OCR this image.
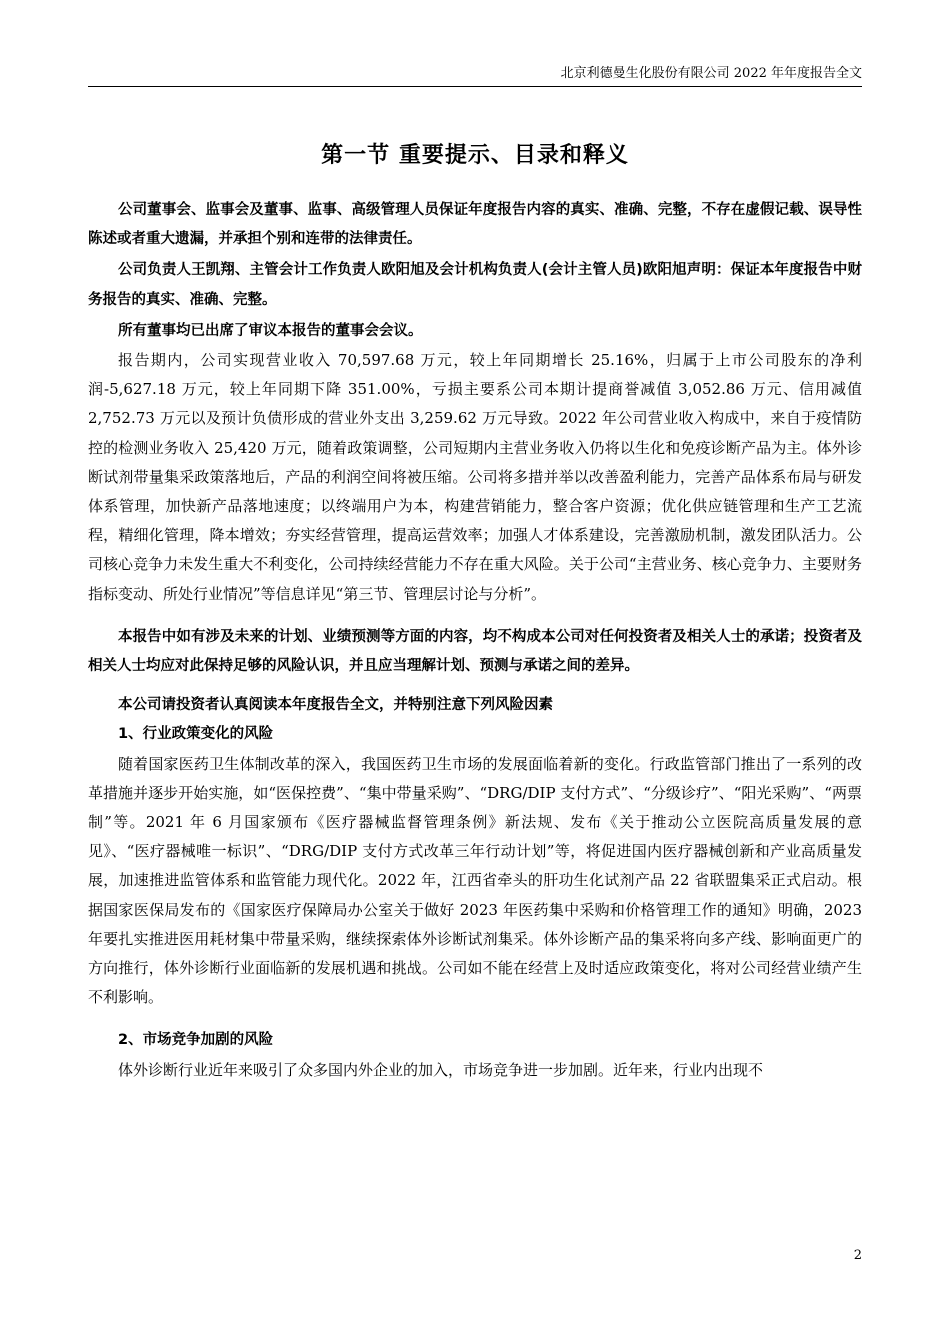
北京利德曼生化股份有限公司 2022 年年度报告全文
第一节 重要提示、目录和释义

公司董事会、监事会及董事、监事、高级管理人员保证年度报告内容的真实、准确、完整，不存在虚假记载、误导性陈述或者重大遗漏，并承担个别和连带的法律责任。

公司负责人王凯翔、主管会计工作负责人欧阳旭及会计机构负责人(会计主管人员)欧阳旭声明：保证本年度报告中财务报告的真实、准确、完整。

所有董事均已出席了审议本报告的董事会会议。

报告期内，公司实现营业收入 70,597.68 万元，较上年同期增长 25.16%，归属于上市公司股东的净利润-5,627.18 万元，较上年同期下降 351.00%，亏损主要系公司本期计提商誉减值 3,052.86 万元、信用减值 2,752.73 万元以及预计负债形成的营业外支出 3,259.62 万元导致。2022 年公司营业收入构成中，来自于疫情防控的检测业务收入 25,420 万元，随着政策调整，公司短期内主营业务收入仍将以生化和免疫诊断产品为主。体外诊断试剂带量集采政策落地后，产品的利润空间将被压缩。公司将多措并举以改善盈利能力，完善产品体系布局与研发体系管理，加快新产品落地速度；以终端用户为本，构建营销能力，整合客户资源；优化供应链管理和生产工艺流程，精细化管理，降本增效；夯实经营管理，提高运营效率；加强人才体系建设，完善激励机制，激发团队活力。公司核心竞争力未发生重大不利变化，公司持续经营能力不存在重大风险。关于公司“主营业务、核心竞争力、主要财务指标变动、所处行业情况”等信息详见“第三节、管理层讨论与分析”。

本报告中如有涉及未来的计划、业绩预测等方面的内容，均不构成本公司对任何投资者及相关人士的承诺；投资者及相关人士均应对此保持足够的风险认识，并且应当理解计划、预测与承诺之间的差异。

本公司请投资者认真阅读本年度报告全文，并特别注意下列风险因素

1、行业政策变化的风险

随着国家医药卫生体制改革的深入，我国医药卫生市场的发展面临着新的变化。行政监管部门推出了一系列的改革措施并逐步开始实施，如“医保控费”、“集中带量采购”、“DRG/DIP 支付方式”、“分级诊疗”、“阳光采购”、“两票制”等。2021 年 6 月国家颁布《医疗器械监督管理条例》新法规、发布《关于推动公立医院高质量发展的意见》、“医疗器械唯一标识”、“DRG/DIP 支付方式改革三年行动计划”等，将促进国内医疗器械创新和产业高质量发展，加速推进监管体系和监管能力现代化。2022 年，江西省牵头的肝功生化试剂产品 22 省联盟集采正式启动。根据国家医保局发布的《国家医疗保障局办公室关于做好 2023 年医药集中采购和价格管理工作的通知》明确，2023 年要扎实推进医用耗材集中带量采购，继续探索体外诊断试剂集采。体外诊断产品的集采将向多产线、影响面更广的方向推行，体外诊断行业面临新的发展机遇和挑战。公司如不能在经营上及时适应政策变化，将对公司经营业绩产生不利影响。

2、市场竞争加剧的风险

体外诊断行业近年来吸引了众多国内外企业的加入，市场竞争进一步加剧。近年来，行业内出现不

2
